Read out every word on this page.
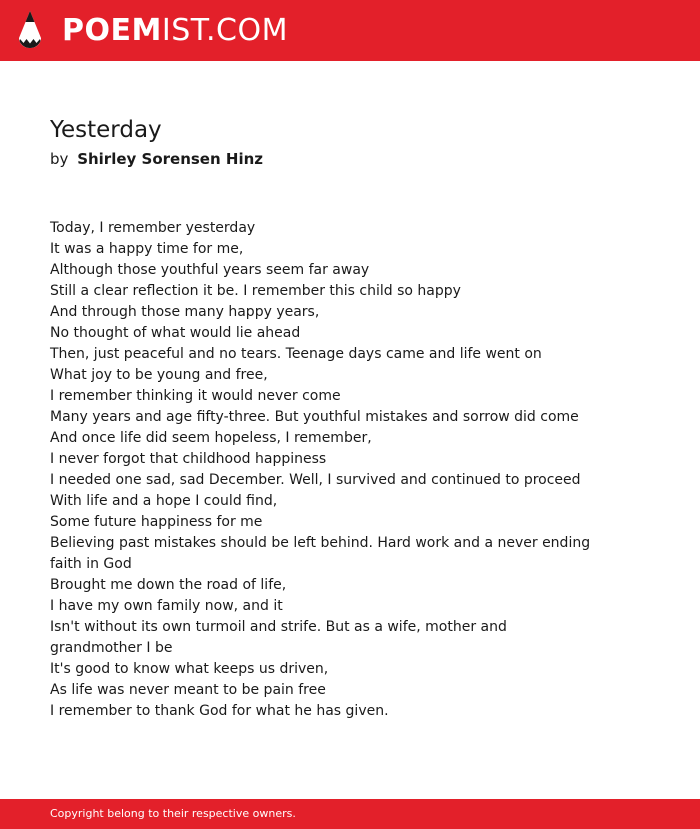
POEMIST.COM
Yesterday
by Shirley Sorensen Hinz
Today, I remember yesterday
It was a happy time for me,
Although those youthful years seem far away
Still a clear reflection it be. I remember this child so happy
And through those many happy years,
No thought of what would lie ahead
Then, just peaceful and no tears. Teenage days came and life went on
What joy to be young and free,
I remember thinking it would never come
Many years and age fifty-three. But youthful mistakes and sorrow did come
And once life did seem hopeless, I remember,
I never forgot that childhood happiness
I needed one sad, sad December. Well, I survived and continued to proceed
With life and a hope I could find,
Some future happiness for me
Believing past mistakes should be left behind. Hard work and a never ending
faith in God
Brought me down the road of life,
I have my own family now, and it
Isn't without its own turmoil and strife. But as a wife, mother and
grandmother I be
It's good to know what keeps us driven,
As life was never meant to be pain free
I remember to thank God for what he has given.
Copyright belong to their respective owners.
